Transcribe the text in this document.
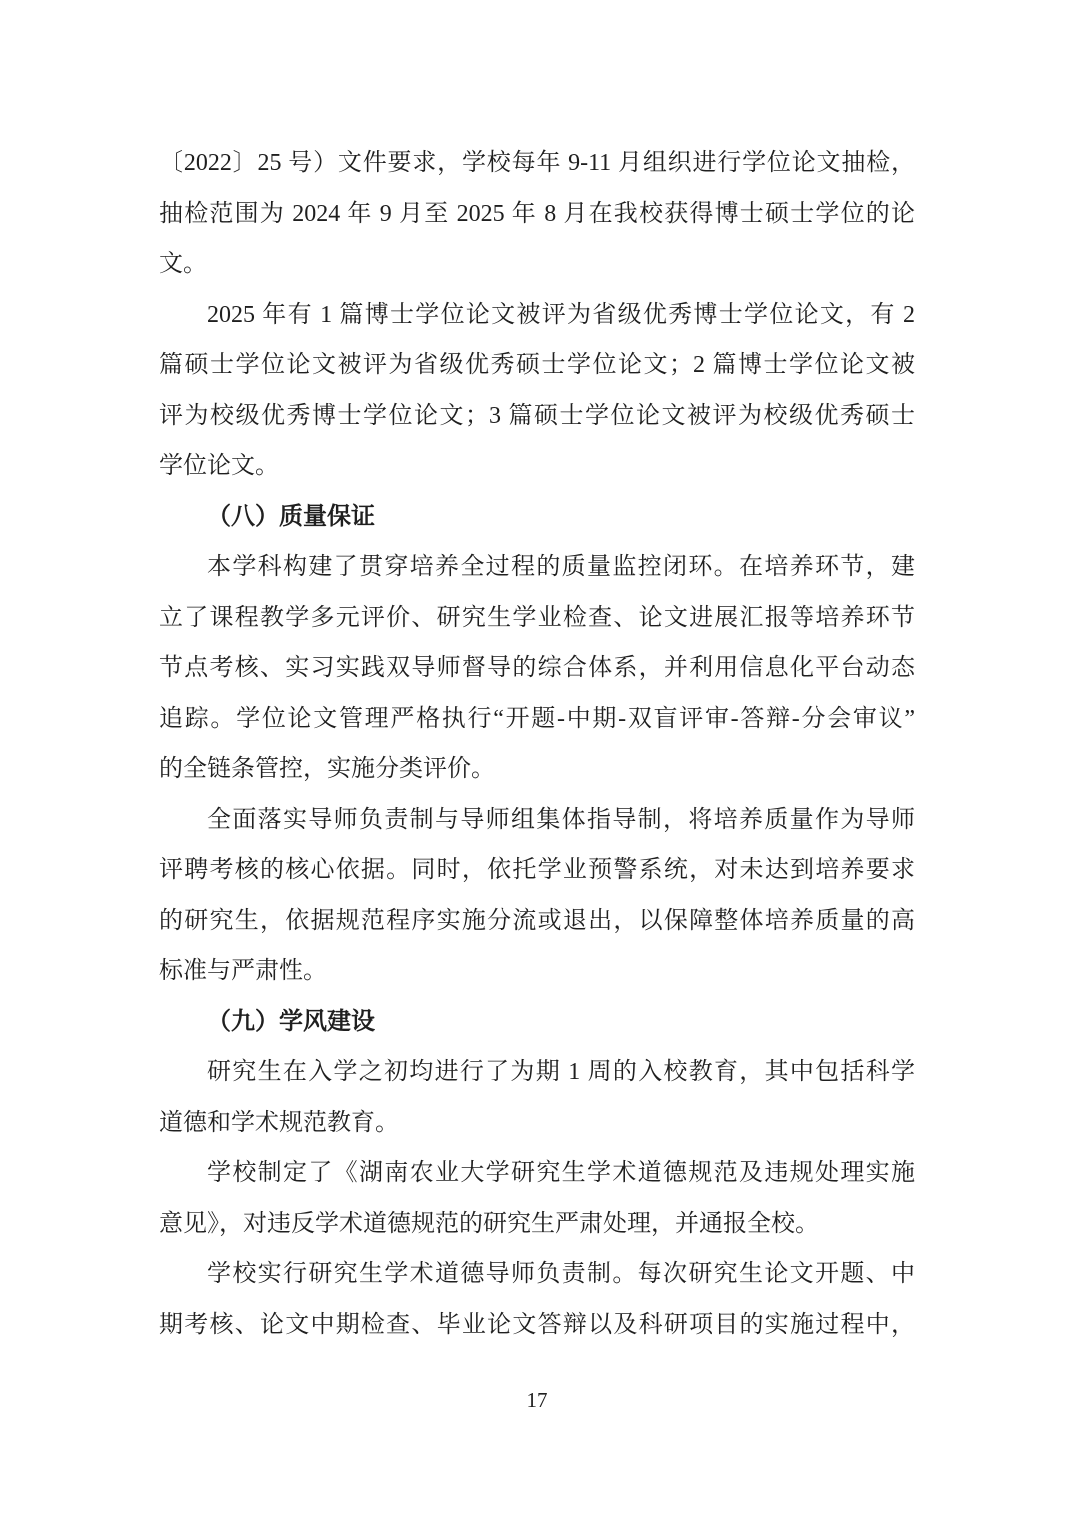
〔2022〕25 号）文件要求，学校每年 9-11 月组织进行学位论文抽检，
抽检范围为 2024 年 9 月至 2025 年 8 月在我校获得博士硕士学位的论
文。
2025 年有 1 篇博士学位论文被评为省级优秀博士学位论文，有 2
篇硕士学位论文被评为省级优秀硕士学位论文；2 篇博士学位论文被
评为校级优秀博士学位论文；3 篇硕士学位论文被评为校级优秀硕士
学位论文。
（八）质量保证
本学科构建了贯穿培养全过程的质量监控闭环。在培养环节，建
立了课程教学多元评价、研究生学业检查、论文进展汇报等培养环节
节点考核、实习实践双导师督导的综合体系，并利用信息化平台动态
追踪。学位论文管理严格执行“开题-中期-双盲评审-答辩-分会审议”
的全链条管控，实施分类评价。
全面落实导师负责制与导师组集体指导制，将培养质量作为导师
评聘考核的核心依据。同时，依托学业预警系统，对未达到培养要求
的研究生，依据规范程序实施分流或退出，以保障整体培养质量的高
标准与严肃性。
（九）学风建设
研究生在入学之初均进行了为期 1 周的入校教育，其中包括科学
道德和学术规范教育。
学校制定了《湖南农业大学研究生学术道德规范及违规处理实施
意见》，对违反学术道德规范的研究生严肃处理，并通报全校。
学校实行研究生学术道德导师负责制。每次研究生论文开题、中
期考核、论文中期检查、毕业论文答辩以及科研项目的实施过程中，
17
